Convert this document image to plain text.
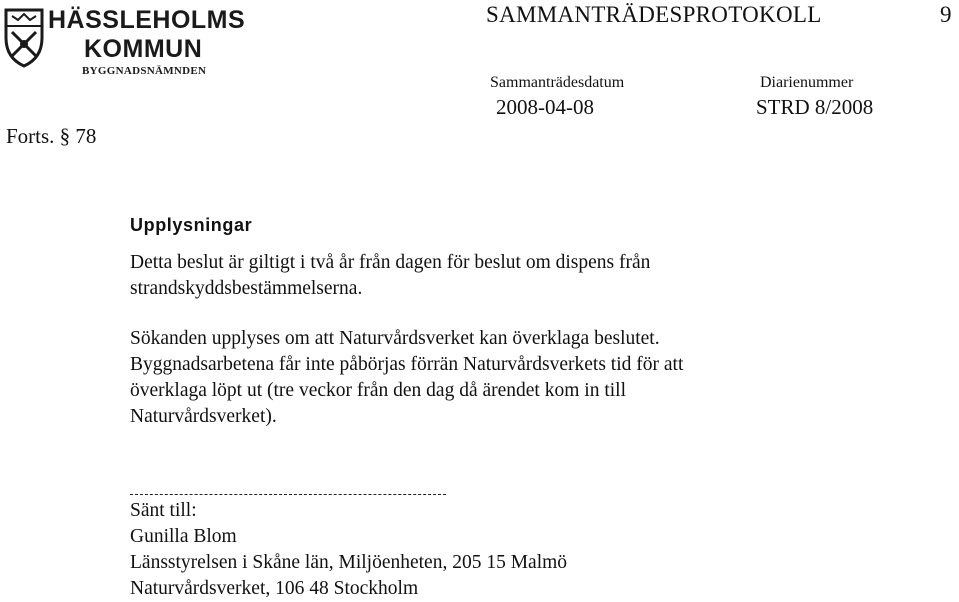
HÄSSLEHOLMS
KOMMUN
BYGGNADSNÄMNDEN
SAMMANTRÄDESPROTOKOLL	9
Sammanträdesdatum	Diarienummer
2008-04-08	STRD 8/2008
Forts. § 78
Upplysningar
Detta beslut är giltigt i två år från dagen för beslut om dispens från
strandskyddsbestämmelserna.
Sökanden upplyses om att Naturvårdsverket kan överklaga beslutet.
Byggnadsarbetena får inte påbörjas förrän Naturvårdsverkets tid för att
överklaga löpt ut (tre veckor från den dag då ärendet kom in till
Naturvårdsverket).
Sänt till:
Gunilla Blom
Länsstyrelsen i Skåne län, Miljöenheten, 205 15 Malmö
Naturvårdsverket, 106 48 Stockholm
